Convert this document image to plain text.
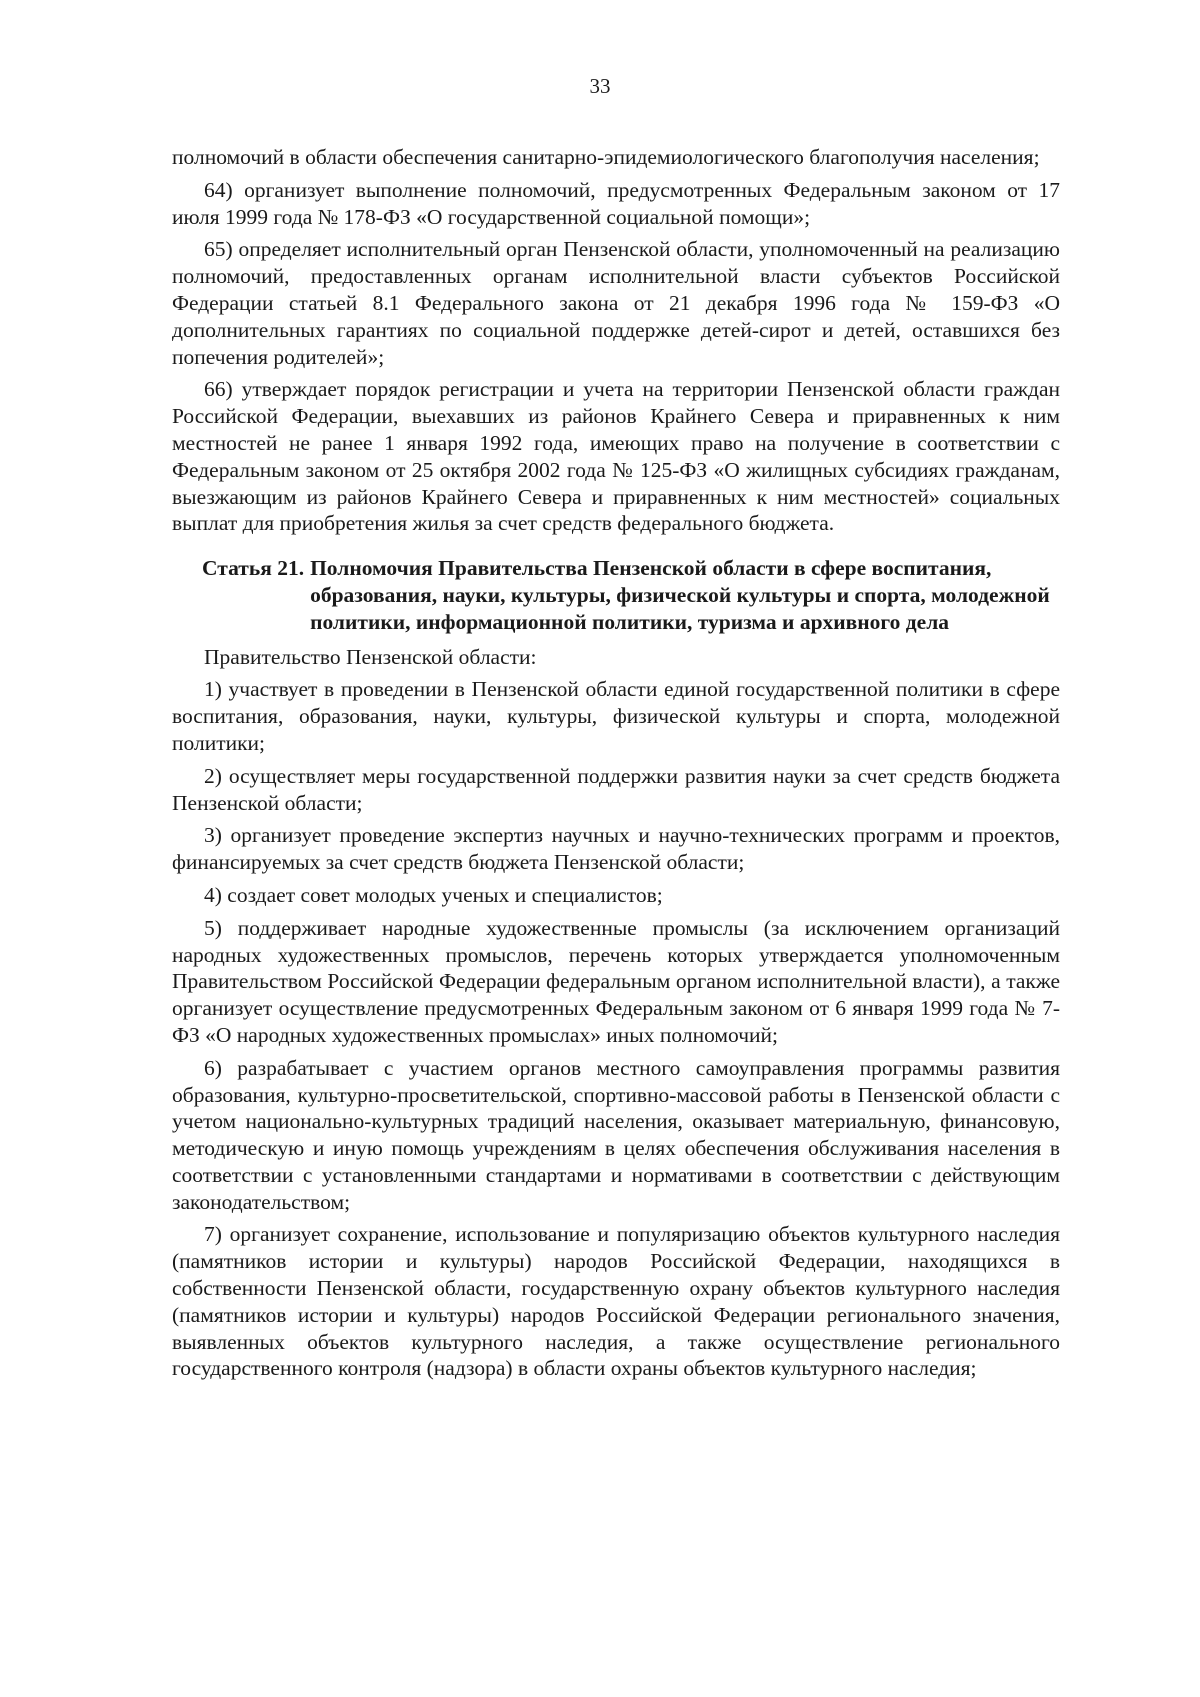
33

полномочий в области обеспечения санитарно-эпидемиологического благополучия населения;

64) организует выполнение полномочий, предусмотренных Федеральным законом от 17 июля 1999 года № 178-ФЗ «О государственной социальной помощи»;

65) определяет исполнительный орган Пензенской области, уполномоченный на реализацию полномочий, предоставленных органам исполнительной власти субъектов Российской Федерации статьей 8.1 Федерального закона от 21 декабря 1996 года № 159-ФЗ «О дополнительных гарантиях по социальной поддержке детей-сирот и детей, оставшихся без попечения родителей»;

66) утверждает порядок регистрации и учета на территории Пензенской области граждан Российской Федерации, выехавших из районов Крайнего Севера и приравненных к ним местностей не ранее 1 января 1992 года, имеющих право на получение в соответствии с Федеральным законом от 25 октября 2002 года № 125-ФЗ «О жилищных субсидиях гражданам, выезжающим из районов Крайнего Севера и приравненных к ним местностей» социальных выплат для приобретения жилья за счет средств федерального бюджета.

Статья 21. Полномочия Правительства Пензенской области в сфере воспитания, образования, науки, культуры, физической культуры и спорта, молодежной политики, информационной политики, туризма и архивного дела

Правительство Пензенской области:

1) участвует в проведении в Пензенской области единой государственной политики в сфере воспитания, образования, науки, культуры, физической культуры и спорта, молодежной политики;

2) осуществляет меры государственной поддержки развития науки за счет средств бюджета Пензенской области;

3) организует проведение экспертиз научных и научно-технических программ и проектов, финансируемых за счет средств бюджета Пензенской области;

4) создает совет молодых ученых и специалистов;

5) поддерживает народные художественные промыслы (за исключением организаций народных художественных промыслов, перечень которых утверждается уполномоченным Правительством Российской Федерации федеральным органом исполнительной власти), а также организует осуществление предусмотренных Федеральным законом от 6 января 1999 года № 7-ФЗ «О народных художественных промыслах» иных полномочий;

6) разрабатывает с участием органов местного самоуправления программы развития образования, культурно-просветительской, спортивно-массовой работы в Пензенской области с учетом национально-культурных традиций населения, оказывает материальную, финансовую, методическую и иную помощь учреждениям в целях обеспечения обслуживания населения в соответствии с установленными стандартами и нормативами в соответствии с действующим законодательством;

7) организует сохранение, использование и популяризацию объектов культурного наследия (памятников истории и культуры) народов Российской Федерации, находящихся в собственности Пензенской области, государственную охрану объектов культурного наследия (памятников истории и культуры) народов Российской Федерации регионального значения, выявленных объектов культурного наследия, а также осуществление регионального государственного контроля (надзора) в области охраны объектов культурного наследия;
